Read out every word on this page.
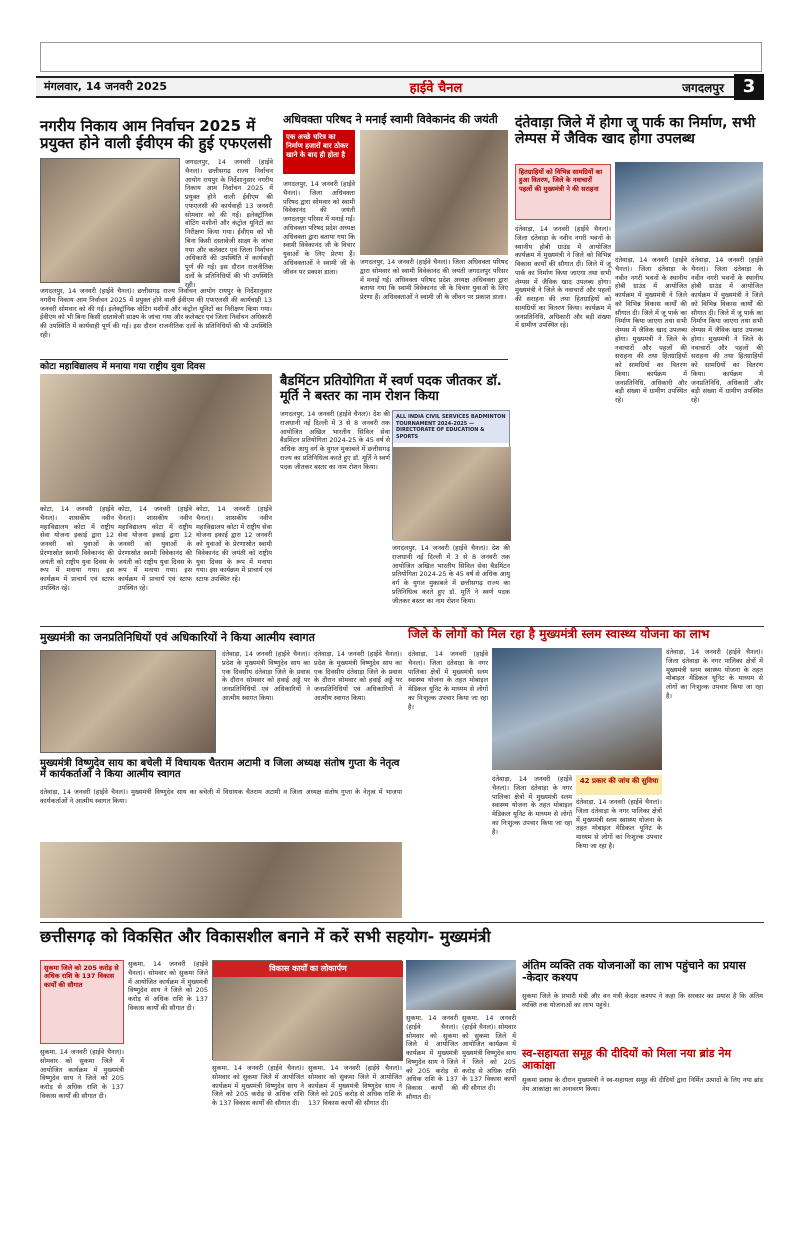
मंगलवार, 14 जनवरी 2025	हाईवे चैनल	जगदलपुर	3
नगरीय निकाय आम निर्वाचन 2025 में प्रयुक्त होने वाली ईवीएम की हुई एफएलसी
जगदलपुर, 14 जनवरी (हाईवे चैनल)। छत्तीसगढ़ राज्य निर्वाचन आयोग रायपुर के निर्देशानुसार नगरीय निकाय आम निर्वाचन 2025 में प्रयुक्त होने वाली ईवीएम की एफएलसी की कार्यवाही 13 जनवरी सोमवार को की गई। इलेक्ट्रॉनिक वोटिंग मशीनों और कंट्रोल यूनिटों का निरीक्षण किया गया। ईवीएम को भी बिना किसी दस्तावेजी साक्ष्य के जांचा गया और कलेक्टर एवं जिला निर्वाचन अधिकारी की उपस्थिति में कार्यवाही पूर्ण की गई। इस दौरान राजनीतिक दलों के प्रतिनिधियों की भी उपस्थिति रही।
जगदलपुर, 14 जनवरी (हाईवे चैनल)। छत्तीसगढ़ राज्य निर्वाचन आयोग रायपुर के निर्देशानुसार नगरीय निकाय आम निर्वाचन 2025 में प्रयुक्त होने वाली ईवीएम की एफएलसी की कार्यवाही 13 जनवरी सोमवार को की गई। इलेक्ट्रॉनिक वोटिंग मशीनों और कंट्रोल यूनिटों का निरीक्षण किया गया। ईवीएम को भी बिना किसी दस्तावेजी साक्ष्य के जांचा गया और कलेक्टर एवं जिला निर्वाचन अधिकारी की उपस्थिति में कार्यवाही पूर्ण की गई। इस दौरान राजनीतिक दलों के प्रतिनिधियों की भी उपस्थिति रही।
अधिवक्ता परिषद ने मनाई स्वामी विवेकानंद की जयंती
एक अच्छे चरित्र का निर्माण हजारों बार ठोकर खाने के बाद ही होता है
जगदलपुर, 14 जनवरी (हाईवे चैनल)। जिला अधिवक्ता परिषद द्वारा सोमवार को स्वामी विवेकानंद की जयंती जगदलपुर परिसर में मनाई गई। अधिवक्ता परिषद प्रदेश अध्यक्ष अधिवक्ता द्वारा बताया गया कि स्वामी विवेकानंद जी के विचार युवाओं के लिए प्रेरणा हैं। अधिवक्ताओं ने स्वामी जी के जीवन पर प्रकाश डाला।
जगदलपुर, 14 जनवरी (हाईवे चैनल)। जिला अधिवक्ता परिषद द्वारा सोमवार को स्वामी विवेकानंद की जयंती जगदलपुर परिसर में मनाई गई। अधिवक्ता परिषद प्रदेश अध्यक्ष अधिवक्ता द्वारा बताया गया कि स्वामी विवेकानंद जी के विचार युवाओं के लिए प्रेरणा हैं। अधिवक्ताओं ने स्वामी जी के जीवन पर प्रकाश डाला।
दंतेवाड़ा जिले में होगा जू पार्क का निर्माण, सभी लेम्पस में जैविक खाद होगा उपलब्ध
हितग्राहियों को विभिन्न सामग्रियों का हुआ वितरण, जिले के नवाचारों पहलों की मुख्यमंत्री ने की सराहना
दंतेवाड़ा, 14 जनवरी (हाईवे चैनल)। जिला दंतेवाड़ा के नवीन नगरी भवनों के स्थानीय होबी ग्राउंड में आयोजित कार्यक्रम में मुख्यमंत्री ने जिले को विभिन्न विकास कार्यों की सौगात दी। जिले में जू पार्क का निर्माण किया जाएगा तथा सभी लेम्पस में जैविक खाद उपलब्ध होगा। मुख्यमंत्री ने जिले के नवाचारों और पहलों की सराहना की तथा हितग्राहियों को सामग्रियों का वितरण किया। कार्यक्रम में जनप्रतिनिधि, अधिकारी और बड़ी संख्या में ग्रामीण उपस्थित रहे।
दंतेवाड़ा, 14 जनवरी (हाईवे चैनल)। जिला दंतेवाड़ा के नवीन नगरी भवनों के स्थानीय होबी ग्राउंड में आयोजित कार्यक्रम में मुख्यमंत्री ने जिले को विभिन्न विकास कार्यों की सौगात दी। जिले में जू पार्क का निर्माण किया जाएगा तथा सभी लेम्पस में जैविक खाद उपलब्ध होगा। मुख्यमंत्री ने जिले के नवाचारों और पहलों की सराहना की तथा हितग्राहियों को सामग्रियों का वितरण किया। कार्यक्रम में जनप्रतिनिधि, अधिकारी और बड़ी संख्या में ग्रामीण उपस्थित रहे।
दंतेवाड़ा, 14 जनवरी (हाईवे चैनल)। जिला दंतेवाड़ा के नवीन नगरी भवनों के स्थानीय होबी ग्राउंड में आयोजित कार्यक्रम में मुख्यमंत्री ने जिले को विभिन्न विकास कार्यों की सौगात दी। जिले में जू पार्क का निर्माण किया जाएगा तथा सभी लेम्पस में जैविक खाद उपलब्ध होगा। मुख्यमंत्री ने जिले के नवाचारों और पहलों की सराहना की तथा हितग्राहियों को सामग्रियों का वितरण किया। कार्यक्रम में जनप्रतिनिधि, अधिकारी और बड़ी संख्या में ग्रामीण उपस्थित रहे।
कोटा महाविद्यालय में मनाया गया राष्ट्रीय युवा दिवस
कोटा, 14 जनवरी (हाईवे चैनल)। शासकीय नवीन महाविद्यालय कोटा में राष्ट्रीय सेवा योजना इकाई द्वारा 12 जनवरी को युवाओं के प्रेरणास्रोत स्वामी विवेकानंद की जयंती को राष्ट्रीय युवा दिवस के रूप में मनाया गया। इस कार्यक्रम में प्राचार्य एवं स्टाफ उपस्थित रहे।
कोटा, 14 जनवरी (हाईवे चैनल)। शासकीय नवीन महाविद्यालय कोटा में राष्ट्रीय सेवा योजना इकाई द्वारा 12 जनवरी को युवाओं के प्रेरणास्रोत स्वामी विवेकानंद की जयंती को राष्ट्रीय युवा दिवस के रूप में मनाया गया। इस कार्यक्रम में प्राचार्य एवं स्टाफ उपस्थित रहे।
कोटा, 14 जनवरी (हाईवे चैनल)। शासकीय नवीन महाविद्यालय कोटा में राष्ट्रीय सेवा योजना इकाई द्वारा 12 जनवरी को युवाओं के प्रेरणास्रोत स्वामी विवेकानंद की जयंती को राष्ट्रीय युवा दिवस के रूप में मनाया गया। इस कार्यक्रम में प्राचार्य एवं स्टाफ उपस्थित रहे।
बैडमिंटन प्रतियोगिता में स्वर्ण पदक जीतकर डॉ. मूर्ति ने बस्तर का नाम रोशन किया
जगदलपुर, 14 जनवरी (हाईवे चैनल)। देश की राजधानी नई दिल्ली में 3 से 8 जनवरी तक आयोजित अखिल भारतीय सिविल सेवा बैडमिंटन प्रतियोगिता 2024-25 के 45 वर्ष से अधिक आयु वर्ग के युगल मुकाबले में छत्तीसगढ़ राज्य का प्रतिनिधित्व करते हुए डॉ. मूर्ति ने स्वर्ण पदक जीतकर बस्तर का नाम रोशन किया।
ALL INDIA CIVIL SERVICES BADMINTON TOURNAMENT 2024-2025 — DIRECTORATE OF EDUCATION & SPORTS
जगदलपुर, 14 जनवरी (हाईवे चैनल)। देश की राजधानी नई दिल्ली में 3 से 8 जनवरी तक आयोजित अखिल भारतीय सिविल सेवा बैडमिंटन प्रतियोगिता 2024-25 के 45 वर्ष से अधिक आयु वर्ग के युगल मुकाबले में छत्तीसगढ़ राज्य का प्रतिनिधित्व करते हुए डॉ. मूर्ति ने स्वर्ण पदक जीतकर बस्तर का नाम रोशन किया।
मुख्यमंत्री का जनप्रतिनिधियों एवं अधिकारियों ने किया आत्मीय स्वागत
दंतेवाड़ा, 14 जनवरी (हाईवे चैनल)। प्रदेश के मुख्यमंत्री विष्णुदेव साय का एक दिवसीय दंतेवाड़ा जिले के प्रवास के दौरान सोमवार को हवाई अड्डे पर जनप्रतिनिधियों एवं अधिकारियों ने आत्मीय स्वागत किया।
दंतेवाड़ा, 14 जनवरी (हाईवे चैनल)। प्रदेश के मुख्यमंत्री विष्णुदेव साय का एक दिवसीय दंतेवाड़ा जिले के प्रवास के दौरान सोमवार को हवाई अड्डे पर जनप्रतिनिधियों एवं अधिकारियों ने आत्मीय स्वागत किया।
जिले के लोगों को मिल रहा है मुख्यमंत्री स्लम स्वास्थ्य योजना का लाभ
दंतेवाड़ा, 14 जनवरी (हाईवे चैनल)। जिला दंतेवाड़ा के नगर पालिका क्षेत्रों में मुख्यमंत्री स्लम स्वास्थ्य योजना के तहत मोबाइल मेडिकल यूनिट के माध्यम से लोगों का निःशुल्क उपचार किया जा रहा है।
दंतेवाड़ा, 14 जनवरी (हाईवे चैनल)। जिला दंतेवाड़ा के नगर पालिका क्षेत्रों में मुख्यमंत्री स्लम स्वास्थ्य योजना के तहत मोबाइल मेडिकल यूनिट के माध्यम से लोगों का निःशुल्क उपचार किया जा रहा है।
42 प्रकार की जांच की सुविधा
दंतेवाड़ा, 14 जनवरी (हाईवे चैनल)। जिला दंतेवाड़ा के नगर पालिका क्षेत्रों में मुख्यमंत्री स्लम स्वास्थ्य योजना के तहत मोबाइल मेडिकल यूनिट के माध्यम से लोगों का निःशुल्क उपचार किया जा रहा है।
दंतेवाड़ा, 14 जनवरी (हाईवे चैनल)। जिला दंतेवाड़ा के नगर पालिका क्षेत्रों में मुख्यमंत्री स्लम स्वास्थ्य योजना के तहत मोबाइल मेडिकल यूनिट के माध्यम से लोगों का निःशुल्क उपचार किया जा रहा है।
मुख्यमंत्री विष्णुदेव साय का बचेली में विधायक चैतराम अटामी व जिला अध्यक्ष संतोष गुप्ता के नेतृत्व में कार्यकर्ताओं ने किया आत्मीय स्वागत
दंतेवाड़ा, 14 जनवरी (हाईवे चैनल)। मुख्यमंत्री विष्णुदेव साय का बचेली में विधायक चैतराम अटामी व जिला अध्यक्ष संतोष गुप्ता के नेतृत्व में भाजपा कार्यकर्ताओं ने आत्मीय स्वागत किया।
छत्तीसगढ़ को विकसित और विकासशील बनाने में करें सभी सहयोग- मुख्यमंत्री
सुकमा जिले को 205 करोड़ से अधिक राशि के 137 विकास कार्यों की सौगात
सुकमा, 14 जनवरी (हाईवे चैनल)। सोमवार को सुकमा जिले में आयोजित कार्यक्रम में मुख्यमंत्री विष्णुदेव साय ने जिले को 205 करोड़ से अधिक राशि के 137 विकास कार्यों की सौगात दी।
सुकमा, 14 जनवरी (हाईवे चैनल)। सोमवार को सुकमा जिले में आयोजित कार्यक्रम में मुख्यमंत्री विष्णुदेव साय ने जिले को 205 करोड़ से अधिक राशि के 137 विकास कार्यों की सौगात दी।
विकास कार्यों का लोकार्पण
सुकमा, 14 जनवरी (हाईवे चैनल)। सोमवार को सुकमा जिले में आयोजित कार्यक्रम में मुख्यमंत्री विष्णुदेव साय ने जिले को 205 करोड़ से अधिक राशि के 137 विकास कार्यों की सौगात दी।
सुकमा, 14 जनवरी (हाईवे चैनल)। सोमवार को सुकमा जिले में आयोजित कार्यक्रम में मुख्यमंत्री विष्णुदेव साय ने जिले को 205 करोड़ से अधिक राशि के 137 विकास कार्यों की सौगात दी।
सुकमा, 14 जनवरी (हाईवे चैनल)। सोमवार को सुकमा जिले में आयोजित कार्यक्रम में मुख्यमंत्री विष्णुदेव साय ने जिले को 205 करोड़ से अधिक राशि के 137 विकास कार्यों की सौगात दी।
सुकमा, 14 जनवरी (हाईवे चैनल)। सोमवार को सुकमा जिले में आयोजित कार्यक्रम में मुख्यमंत्री विष्णुदेव साय ने जिले को 205 करोड़ से अधिक राशि के 137 विकास कार्यों की सौगात दी।
अंतिम व्यक्ति तक योजनाओं का लाभ पहुंचाने का प्रयास -केदार कश्यप
सुकमा जिले के प्रभारी मंत्री और वन मंत्री केदार कश्यप ने कहा कि सरकार का प्रयास है कि अंतिम व्यक्ति तक योजनाओं का लाभ पहुंचे।
स्व-सहायता समूह की दीदियों को मिला नया ब्रांड नेम आकांक्षा
सुकमा प्रवास के दौरान मुख्यमंत्री ने स्व-सहायता समूह की दीदियों द्वारा निर्मित उत्पादों के लिए नया ब्रांड नेम आकांक्षा का अनावरण किया।
